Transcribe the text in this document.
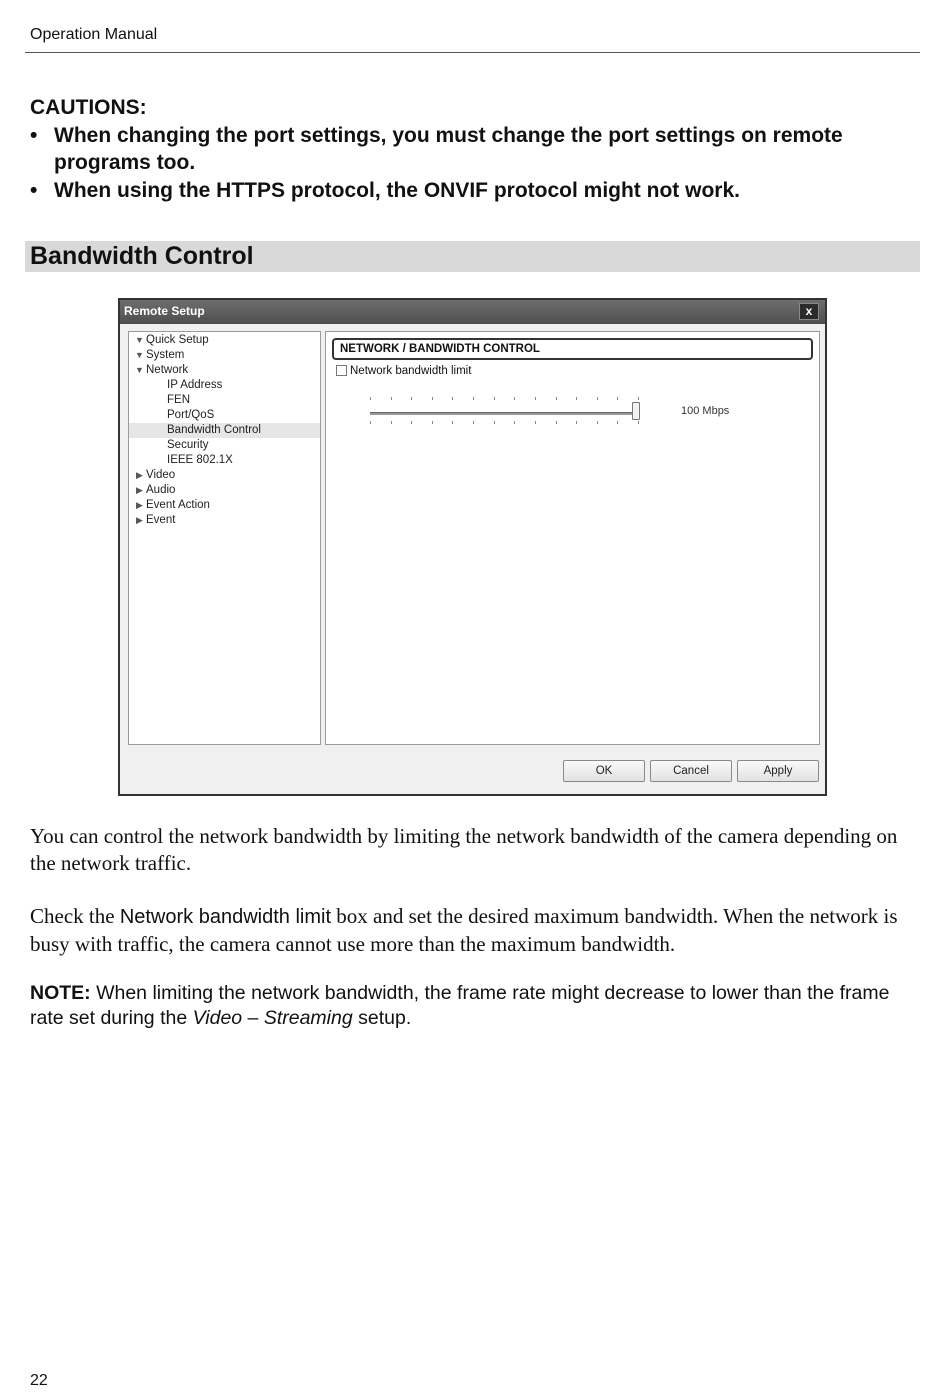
Operation Manual
CAUTIONS:
• When changing the port settings, you must change the port settings on remote programs too.
• When using the HTTPS protocol, the ONVIF protocol might not work.
Bandwidth Control
Remote Setup	x
▼ Quick Setup
▼ System
▼ Network
IP Address
FEN
Port/QoS
Bandwidth Control
Security
IEEE 802.1X
▶ Video
▶ Audio
▶ Event Action
▶ Event
NETWORK / BANDWIDTH CONTROL
Network bandwidth limit
100 Mbps
OK	Cancel	Apply
You can control the network bandwidth by limiting the network bandwidth of the camera depending on the network traffic.
Check the Network bandwidth limit box and set the desired maximum bandwidth. When the network is busy with traffic, the camera cannot use more than the maximum bandwidth.
NOTE: When limiting the network bandwidth, the frame rate might decrease to lower than the frame rate set during the Video – Streaming setup.
22
